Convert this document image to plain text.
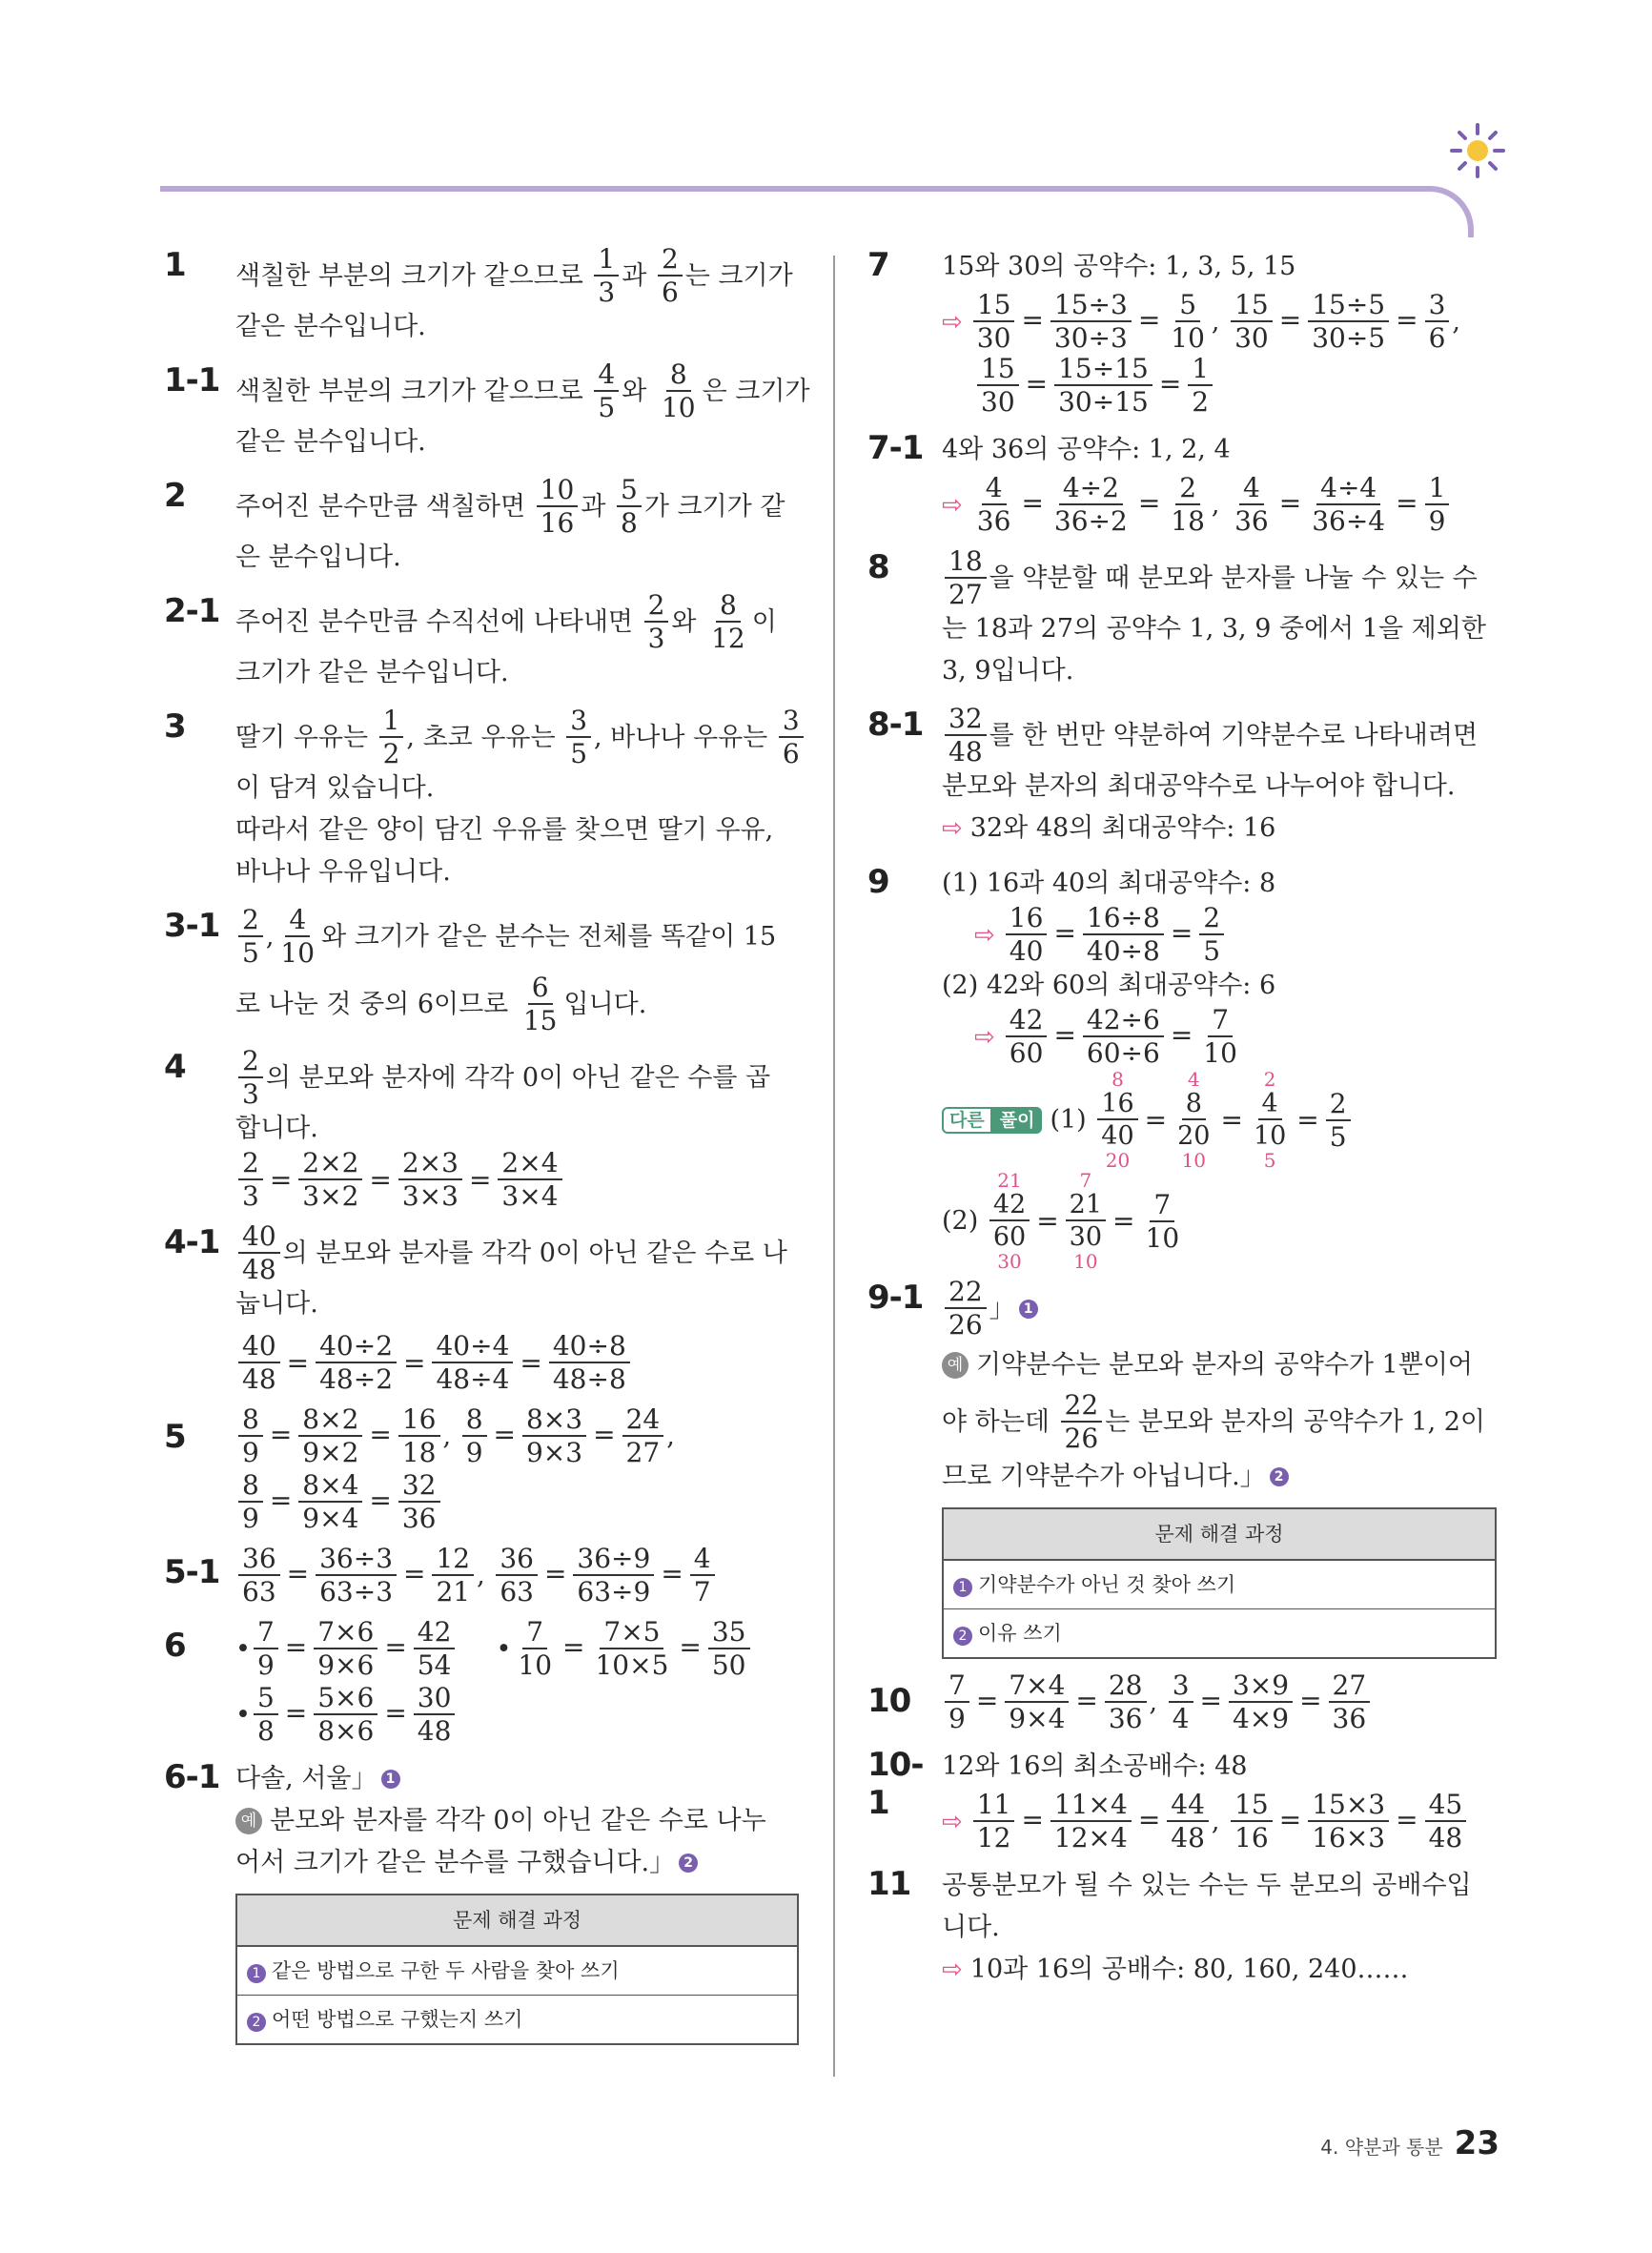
1	색칠한 부분의 크기가 같으므로
$\frac{1}{3}$ 과
$\frac{2}{6}$ 는 크기가
같은 분수입니다.
1-1 색칠한 부분의 크기가 같으므로
$\frac{4}{5}$ 와
$\frac{8}{10}$ 은 크기가
같은 분수입니다.
2	주어진 분수만큼 색칠하면
$\frac{10}{16}$ 과
$\frac{5}{8}$ 가 크기가 같
은 분수입니다.
2-1 주어진 분수만큼 수직선에 나타내면
$\frac{2}{3}$ 와
$\frac{8}{12}$ 이
크기가 같은 분수입니다.
3	딸기 우유는
$\frac{1}{2}$ , 초코 우유는
$\frac{3}{5}$ , 바나나 우유는
$\frac{3}{6}$
이 담겨 있습니다.
따라서 같은 양이 담긴 우유를 찾으면 딸기 우유,
바나나 우유입니다.
$3-1 \frac{2}{5}$ , $\frac{4}{10}$ 와 크기가 같은 분수는 전체를 똑같이 15
로 나눈 것 중의 6이므로
$\frac{6}{15}$ 입니다.
4	$\frac{2}{3}$ 의 분모와 분자에 각각 0이 아닌 같은 수를 곱
합니다.
$\frac{2}{3} = \frac{2\times 2}{3\times 2} = \frac{2\times 3}{3\times 3} = \frac{2\times 4}{3\times 4}$
$4-1 \frac{40}{48}$ 의 분모와 분자를 각각 0이 아닌 같은 수로 나
눕니다.
$\frac{40}{48} = \frac{40\div 2}{48\div 2} = \frac{40\div 4}{48\div 4} = \frac{40\div 8}{48\div 8}$
5	$\frac{8}{9} = \frac{8\times 2}{9\times 2} = \frac{16}{18}$ ,
$\frac{8}{9} = \frac{8\times 3}{9\times 3} = \frac{24}{27}$ ,
$\frac{8}{9} = \frac{8\times 4}{9\times 4} = \frac{32}{36}$
$5-1 \frac{36}{63} = \frac{36\div 3}{63\div 3} = \frac{12}{21}$ ,
$\frac{36}{63} = \frac{36\div 9}{63\div 9} = \frac{4}{7}$
6	• $\frac{7}{9} = \frac{7\times 6}{9\times 6} = \frac{42}{54}$ • $\frac{7}{10} = \frac{7\times 5}{10\times 5} = \frac{35}{50}$
• $\frac{5}{8} = \frac{5\times 6}{8\times 6} = \frac{30}{48}$
6-1 다솔, 서울」 1
예 분모와 분자를 각각 0이 아닌 같은 수로 나누
어서 크기가 같은 분수를 구했습니다.」 2
문제 해결 과정
1 같은 방법으로 구한 두 사람을 찾아 쓰기
2 어떤 방법으로 구했는지 쓰기
7	15와 30의 공약수: 1, 3, 5, 15
⇨ $\frac{15}{30} = \frac{15\div 3}{30\div 3} = \frac{5}{10}$ ,
$\frac{15}{30} = \frac{15\div 5}{30\div 5} = \frac{3}{6}$ ,
$\frac{15}{30} = \frac{15\div 15}{30\div 15} = \frac{1}{2}$
7-1 4와 36의 공약수: 1, 2, 4
⇨ $\frac{4}{36} = \frac{4\div 2}{36\div 2} = \frac{2}{18}$ ,
$\frac{4}{36} = \frac{4\div 4}{36\div 4} = \frac{1}{9}$
8	$\frac{18}{27}$ 을 약분할 때 분모와 분자를 나눌 수 있는 수
는 18과 27의 공약수 1, 3, 9 중에서 1을 제외한
3, 9입니다.
$8-1 \frac{32}{48}$ 를 한 번만 약분하여 기약분수로 나타내려면
분모와 분자의 최대공약수로 나누어야 합니다.
⇨ 32와 48의 최대공약수: 16
9	(1) 16과 40의 최대공약수: 8
⇨ $\frac{16}{40} = \frac{16\div 8}{40\div 8} = \frac{2}{5}$
(2) 42와 60의 최대공약수: 6
⇨ $\frac{42}{60} = \frac{42\div 6}{60\div 6} = \frac{7}{10}$
다른 풀이 (1)

8
16
40
20
=
4
8
20
10
=
2
4
10
5
= $\frac{2}{5}$
(2)

21
42
60
30
=
7
21
30
10
= $\frac{7}{10}$
$9-1 \frac{22}{26}$ 」 1
예 기약분수는 분모와 분자의 공약수가 1뿐이어
야 하는데
$\frac{22}{26}$ 는 분모와 분자의 공약수가 1, 2이
므로 기약분수가 아닙니다.」 2
문제 해결 과정
1 기약분수가 아닌 것 찾아 쓰기
2 이유 쓰기
10	$\frac{7}{9} = \frac{7\times 4}{9\times 4} = \frac{28}{36}$ ,
$\frac{3}{4} = \frac{3\times 9}{4\times 9} = \frac{27}{36}$
10-1
12와 16의 최소공배수: 48
⇨ $\frac{11}{12} = \frac{11\times 4}{12\times 4} = \frac{44}{48}$ ,
$\frac{15}{16} = \frac{15\times 3}{16\times 3} = \frac{45}{48}$
11	공통분모가 될 수 있는 수는 두 분모의 공배수입
니다.
⇨ 10과 16의 공배수: 80, 160, 240……
4. 약분과 통분 23
